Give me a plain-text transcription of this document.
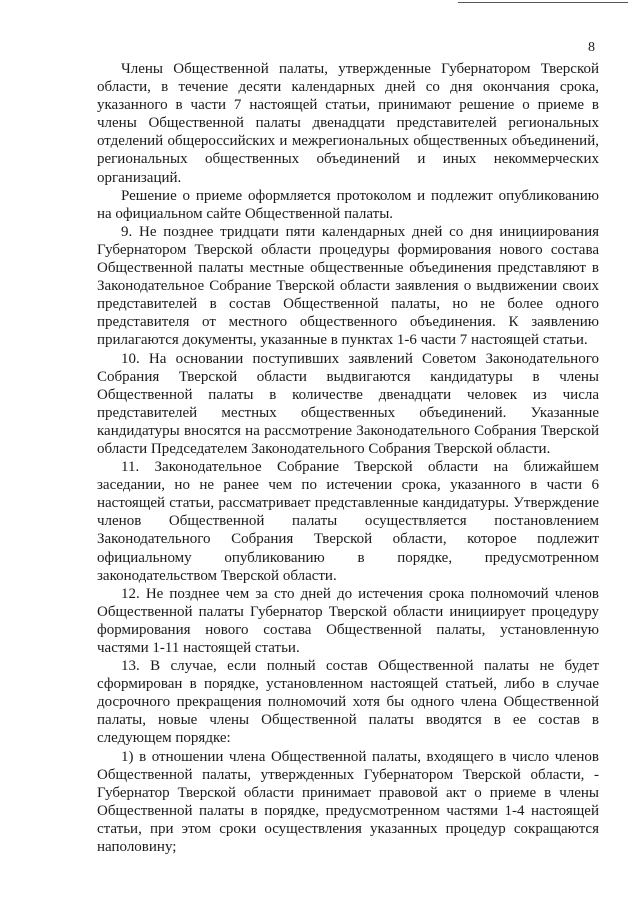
8

Члены Общественной палаты, утвержденные Губернатором Тверской области, в течение десяти календарных дней со дня окончания срока, указанного в части 7 настоящей статьи, принимают решение о приеме в члены Общественной палаты двенадцати представителей региональных отделений общероссийских и межрегиональных общественных объединений, региональных общественных объединений и иных некоммерческих организаций.

Решение о приеме оформляется протоколом и подлежит опубликованию на официальном сайте Общественной палаты.

9. Не позднее тридцати пяти календарных дней со дня инициирования Губернатором Тверской области процедуры формирования нового состава Общественной палаты местные общественные объединения представляют в Законодательное Собрание Тверской области заявления о выдвижении своих представителей в состав Общественной палаты, но не более одного представителя от местного общественного объединения. К заявлению прилагаются документы, указанные в пунктах 1-6 части 7 настоящей статьи.

10. На основании поступивших заявлений Советом Законодательного Собрания Тверской области выдвигаются кандидатуры в члены Общественной палаты в количестве двенадцати человек из числа представителей местных общественных объединений. Указанные кандидатуры вносятся на рассмотрение Законодательного Собрания Тверской области Председателем Законодательного Собрания Тверской области.

11. Законодательное Собрание Тверской области на ближайшем заседании, но не ранее чем по истечении срока, указанного в части 6 настоящей статьи, рассматривает представленные кандидатуры. Утверждение членов Общественной палаты осуществляется постановлением Законодательного Собрания Тверской области, которое подлежит официальному опубликованию в порядке, предусмотренном законодательством Тверской области.

12. Не позднее чем за сто дней до истечения срока полномочий членов Общественной палаты Губернатор Тверской области инициирует процедуру формирования нового состава Общественной палаты, установленную частями 1-11 настоящей статьи.

13. В случае, если полный состав Общественной палаты не будет сформирован в порядке, установленном настоящей статьей, либо в случае досрочного прекращения полномочий хотя бы одного члена Общественной палаты, новые члены Общественной палаты вводятся в ее состав в следующем порядке:

1) в отношении члена Общественной палаты, входящего в число членов Общественной палаты, утвержденных Губернатором Тверской области, - Губернатор Тверской области принимает правовой акт о приеме в члены Общественной палаты в порядке, предусмотренном частями 1-4 настоящей статьи, при этом сроки осуществления указанных процедур сокращаются наполовину;
